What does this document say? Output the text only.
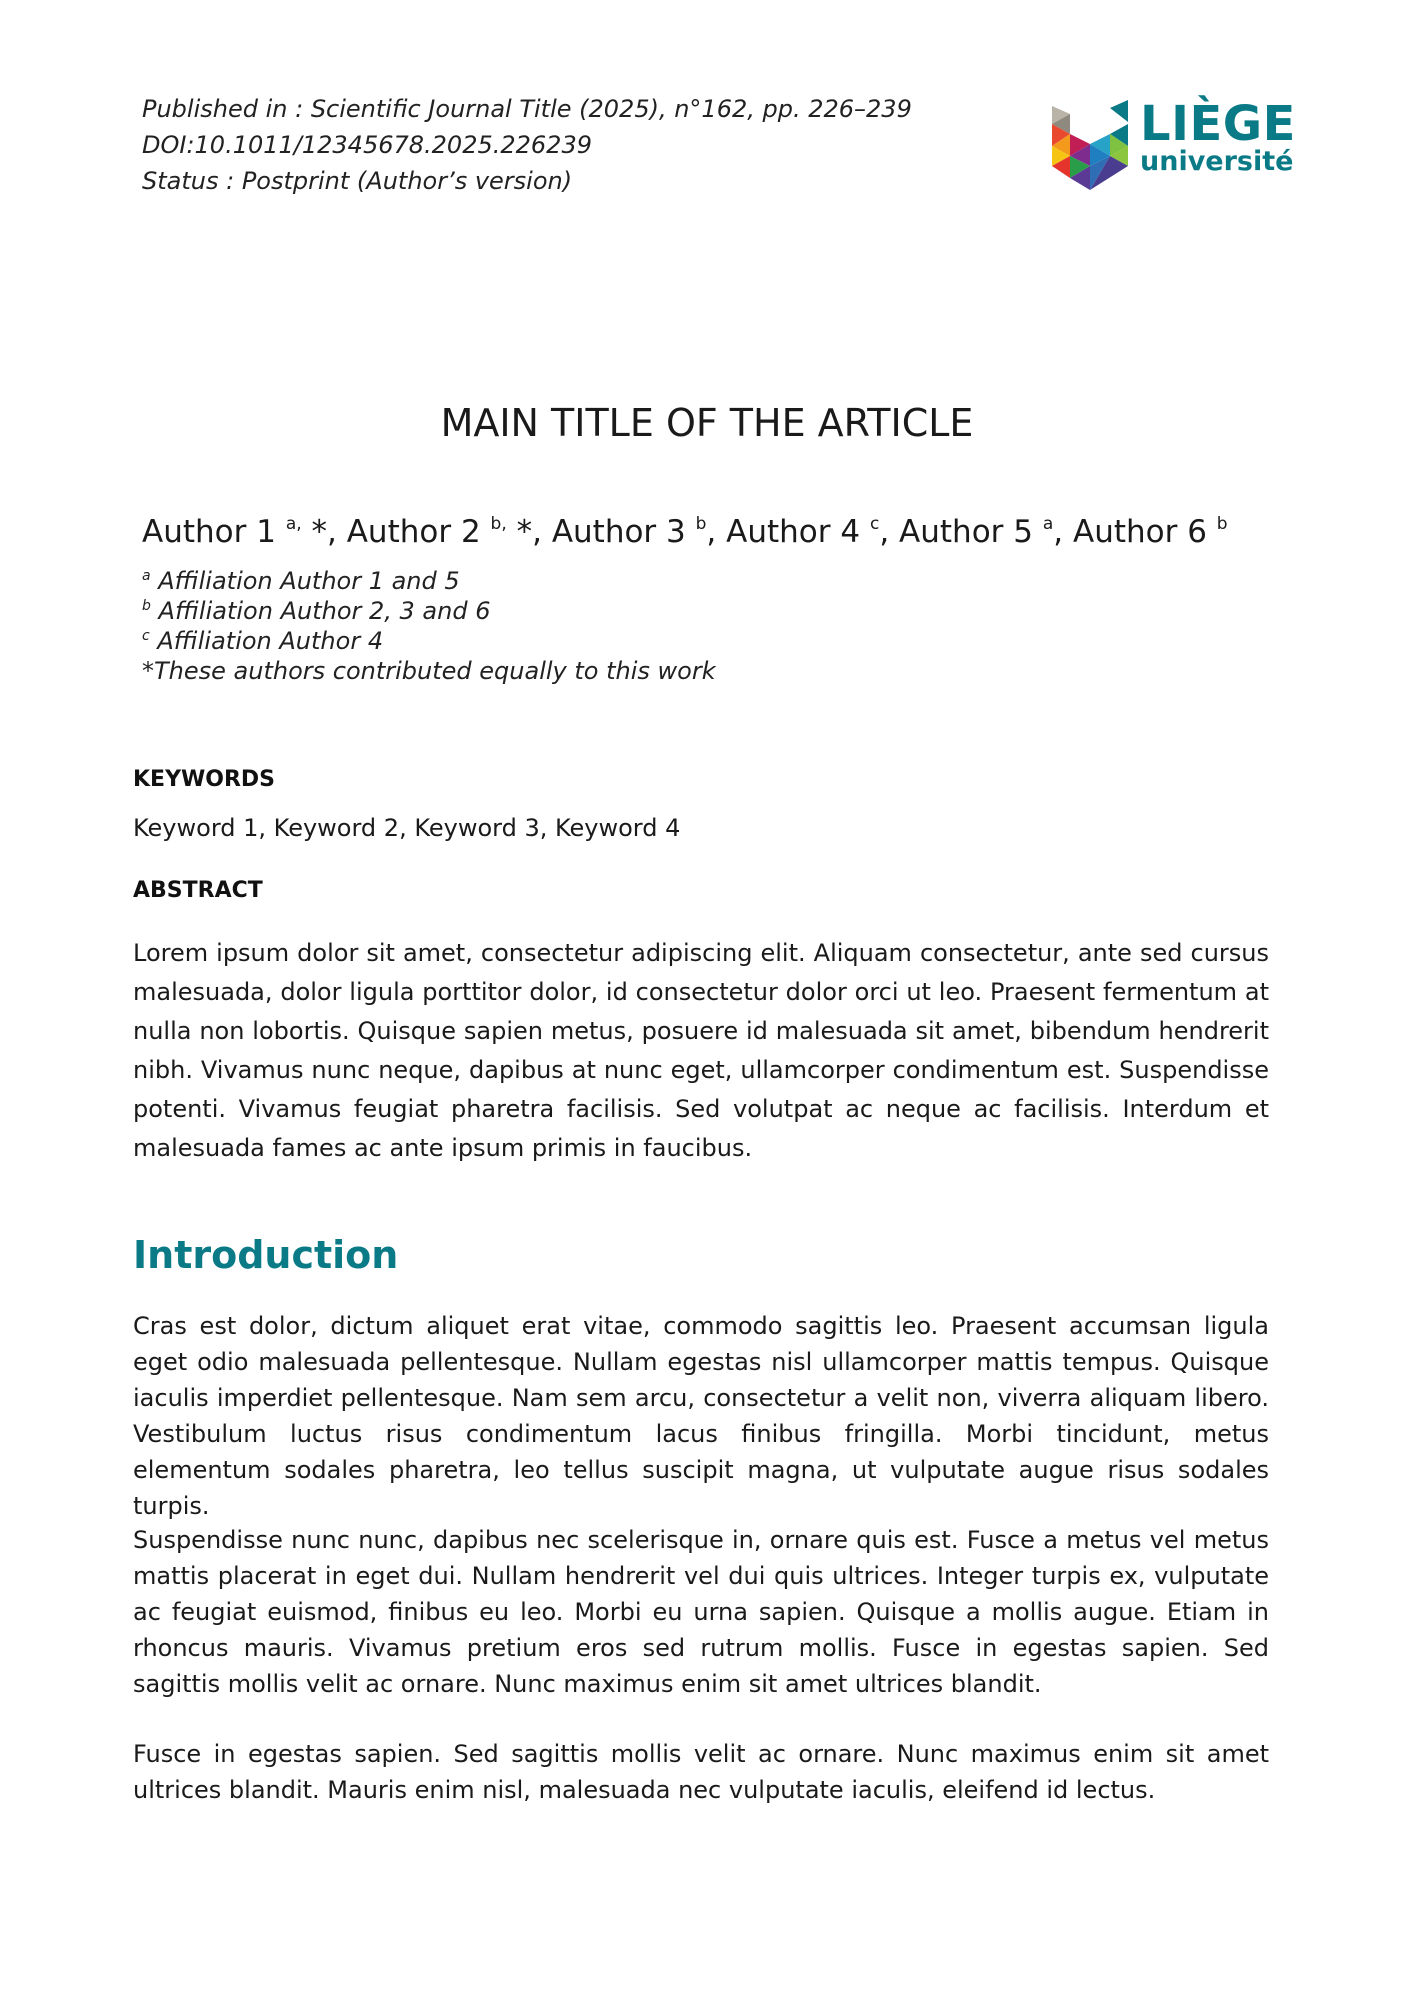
Published in : Scientific Journal Title (2025), n°162, pp. 226–239
DOI:10.1011/12345678.2025.226239
Status : Postprint (Author’s version)
LIÈGE
université
MAIN TITLE OF THE ARTICLE
Author 1 $^{a,}$ *, Author 2 $^{b,}$ *, Author 3 $^b$, Author 4 $^c$, Author 5 $^a$, Author 6 $^b$
$^a$ Affiliation Author 1 and 5
$^b$ Affiliation Author 2, 3 and 6
$^c$ Affiliation Author 4
*These authors contributed equally to this work
KEYWORDS
Keyword 1, Keyword 2, Keyword 3, Keyword 4
ABSTRACT
Lorem ipsum dolor sit amet, consectetur adipiscing elit. Aliquam consectetur, ante sed cursus malesuada, dolor ligula porttitor dolor, id consectetur dolor orci ut leo. Praesent fermentum at nulla non lobortis. Quisque sapien metus, posuere id malesuada sit amet, bibendum hendrerit nibh. Vivamus nunc neque, dapibus at nunc eget, ullamcorper condimentum est. Suspendisse potenti. Vivamus feugiat pharetra facilisis. Sed volutpat ac neque ac facilisis. Interdum et malesuada fames ac ante ipsum primis in faucibus.
Introduction
Cras est dolor, dictum aliquet erat vitae, commodo sagittis leo. Praesent accumsan ligula eget odio malesuada pellentesque. Nullam egestas nisl ullamcorper mattis tempus. Quisque iaculis imperdiet pellentesque. Nam sem arcu, consectetur a velit non, viverra aliquam libero. Vestibulum luctus risus condimentum lacus finibus fringilla. Morbi tincidunt, metus elementum sodales pharetra, leo tellus suscipit magna, ut vulputate augue risus sodales turpis.
Suspendisse nunc nunc, dapibus nec scelerisque in, ornare quis est. Fusce a metus vel metus mattis placerat in eget dui. Nullam hendrerit vel dui quis ultrices. Integer turpis ex, vulputate ac feugiat euismod, finibus eu leo. Morbi eu urna sapien. Quisque a mollis augue. Etiam in rhoncus mauris. Vivamus pretium eros sed rutrum mollis. Fusce in egestas sapien. Sed sagittis mollis velit ac ornare. Nunc maximus enim sit amet ultrices blandit.
Fusce in egestas sapien. Sed sagittis mollis velit ac ornare. Nunc maximus enim sit amet ultrices blandit. Mauris enim nisl, malesuada nec vulputate iaculis, eleifend id lectus.
